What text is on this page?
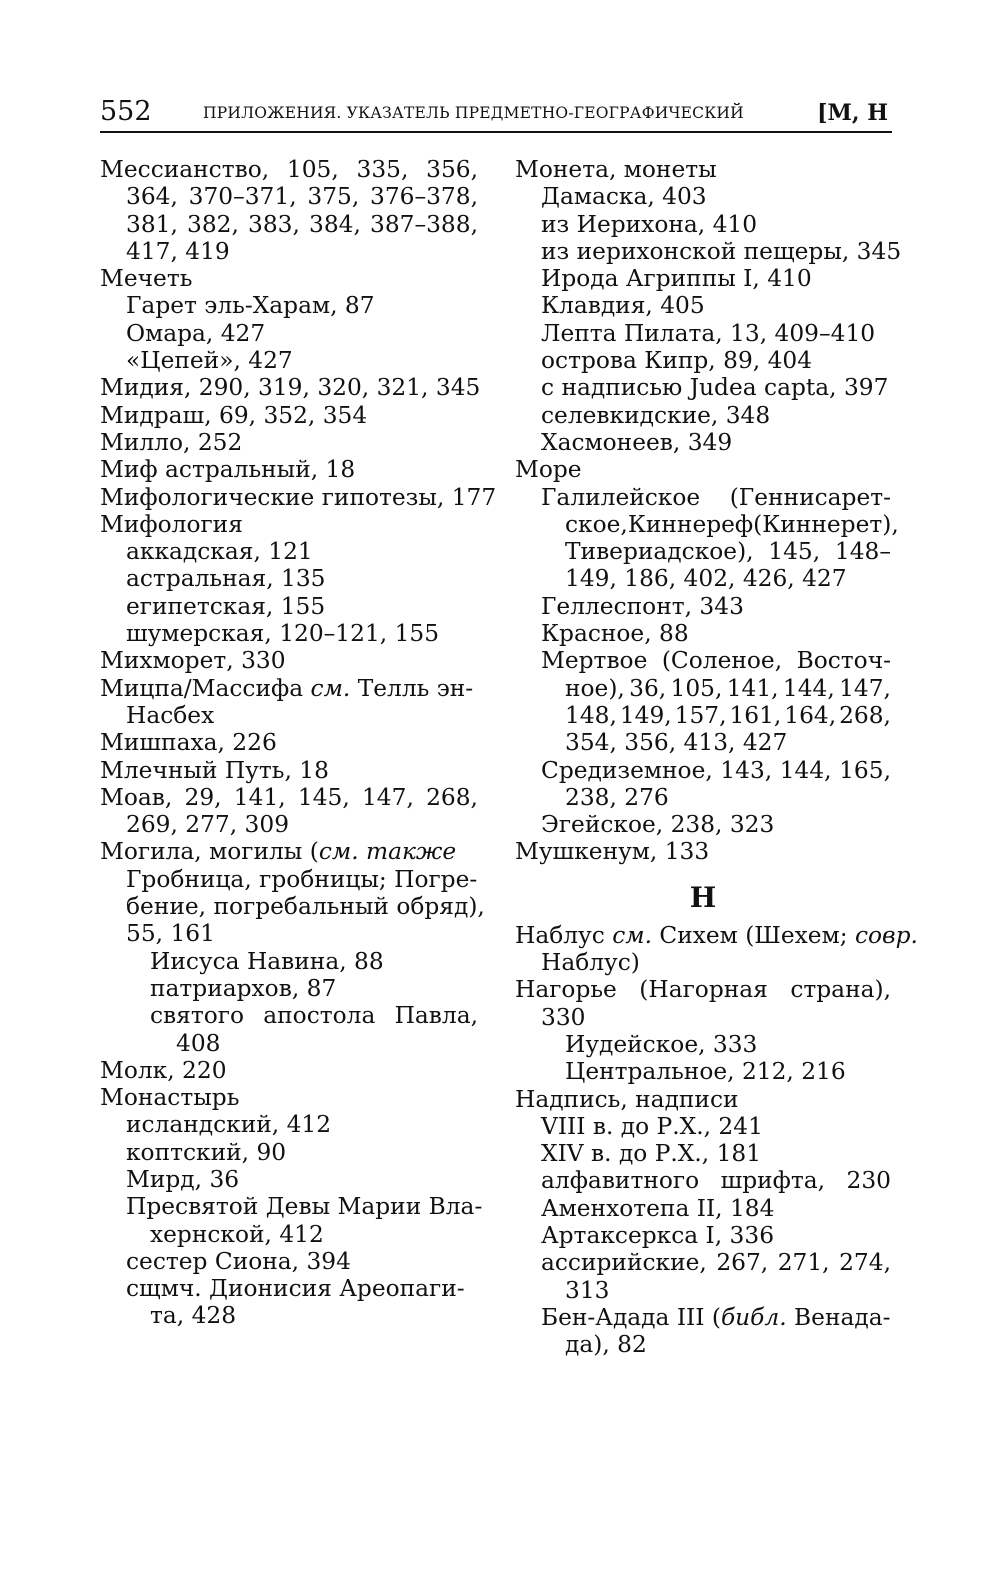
552	ПРИЛОЖЕНИЯ. УКАЗАТЕЛЬ ПРЕДМЕТНО-ГЕОГРАФИЧЕСКИЙ	[М, Н
Мессианство, 105, 335, 356,
364, 370–371, 375, 376–378,
381, 382, 383, 384, 387–388,
417, 419
Мечеть
Гарет эль-Харам, 87
Омара, 427
«Цепей», 427
Мидия, 290, 319, 320, 321, 345
Мидраш, 69, 352, 354
Милло, 252
Миф астральный, 18
Мифологические гипотезы, 177
Мифология
аккадская, 121
астральная, 135
египетская, 155
шумерская, 120–121, 155
Михморет, 330
Мицпа/Массифа см. Телль эн-
Насбех
Мишпаха, 226
Млечный Путь, 18
Моав, 29, 141, 145, 147, 268,
269, 277, 309
Могила, могилы (см. также
Гробница, гробницы; Погре-
бение, погребальный обряд),
55, 161
Иисуса Навина, 88
патриархов, 87
святого апостола Павла,
408
Молк, 220
Монастырь
исландский, 412
коптский, 90
Мирд, 36
Пресвятой Девы Марии Вла-
хернской, 412
сестер Сиона, 394
сщмч. Дионисия Ареопаги-
та, 428
Монета, монеты
Дамаска, 403
из Иерихона, 410
из иерихонской пещеры, 345
Ирода Агриппы I, 410
Клавдия, 405
Лепта Пилата, 13, 409–410
острова Кипр, 89, 404
с надписью Judea capta, 397
селевкидские, 348
Хасмонеев, 349
Море
Галилейское (Геннисарет-
ское, Киннереф (Киннерет),
Тивериадское), 145, 148–
149, 186, 402, 426, 427
Геллеспонт, 343
Красное, 88
Мертвое (Соленое, Восточ-
ное), 36, 105, 141, 144, 147,
148, 149, 157, 161, 164, 268,
354, 356, 413, 427
Средиземное, 143, 144, 165,
238, 276
Эгейское, 238, 323
Мушкенум, 133
Н
Наблус см. Сихем (Шехем; совр.
Наблус)
Нагорье (Нагорная страна),
330
Иудейское, 333
Центральное, 212, 216
Надпись, надписи
VIII в. до Р.Х., 241
XIV в. до Р.Х., 181
алфавитного шрифта, 230
Аменхотепа II, 184
Артаксеркса I, 336
ассирийские, 267, 271, 274,
313
Бен-Адада III (библ. Венада-
да), 82
